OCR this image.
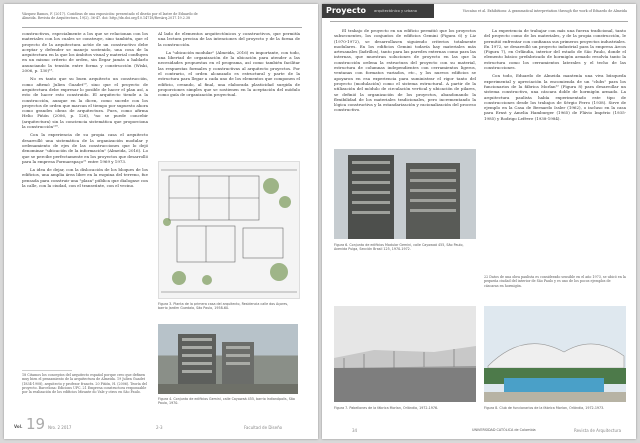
Vázquez Ramos, F. (2017). Cosidiras de una exposición: presentado el diseño por el lastre de Eduardo de Almeida. Revista de Arquitectura, 19(2), 36-47. doi: http://dx.doi.org/10.14718/RevArq.2017.19.2.38

constructivos, especialmente a los que se relacionan con los materiales con los cuales se construye, sino también, que el proyecto de la arquitectura actúe de un constructivo debe aceptar y defender se manejo sostenido, una cosa de la arquitectura en la que los ámbitos visual y material confluyen en un mismo criterio de orden, sin llegar jamás a hablarlo anunciando la tensión entre forma y construcción (Wiski, 2006, p. 130)¹⁸.

No es tanto que su buen arquitecto un construcción, como afirmó Julien Guadet¹⁹, sino que el proyecto de arquitectura debe expresar lo posible de hacer el plan así, a esto de hacer esto construido. El arquitecto tiende a la construcción, aunque en la dicen, como sucede con los proyectos de orden que marcan el tiempo por supuesto ahora como grandes obras de arquitectura. Pues, como afirma Helio Piñón (2006, p. 126), "no se puede concebir (arquitectura) sin la conciencia sistemática que proporciona la construcción"²⁰.

Con la experiencia de su propia casa el arquitecto desarrolló una sistemática de la organización modular y ordenamiento de ejes de las construcciones que lo dejó denominar "ubicación de la información" (Almeida, 2016). Lo que se percibe perfectamente en los proyectos que desarrolló para la empresa Formaespaço²¹ entre 1969 y 1973.

La idea de dejar, con la dislocación de los bloques de los edificios, una amplia área libre en la esquina del terreno, fue pensada para construir una "plaza" pública que dialogase con la calle, con la ciudad, con el transeúnte, con el vecino.

18 Citamos los conceptos del arquitecto español porque creo que definen muy bien el pensamiento de la arquitectura de Almeida. 19 Julien Guadet (1834-1908), arquitecto y profesor francés. 20 Piñón, H. (2006). Teoría del proyecto. Barcelona: Edicions UPC. 21 Empresa constructora responsable por la realización de los edificios Mirante do Vale y otros en São Paulo.

Al lado de elementos arquitectónicos y constructivos, que permitía una lectura precisa de las intenciones del proyecto y de la forma de la construcción.

La "ubicación modular" (Almeida, 2016) es importante, con todo, una libertad de organización de la ubicación para atender a las necesidades propuestas en el programa, así como también facilitar las respuestas formales y constructivas al arquitecto proyectos. Por el contrario, el orden alcanzado es estructural y parte de la estructura para llegar a cada uno de los elementos que componen el edificio, creando, al final, una elaborada plasticidad surgida de proporciones simples que se sostienen en la aceptación del módulo como guía de organización proyectual.

Figura 3. Planta de la primera casa del arquitecto, Residencia calle dos Açores, barrio Jardim Guedala, São Paulo, 1958-60.
Figura 4. Conjunto de edificios Gemini, calle Cayowaá 455, barrio Indianópolis, São Paulo, 1970.
Vol. 19 Nro. 2 2017	2-3	Facultad de Diseño
Proyecto arquitectónico y urbano	Vizcaíno et al. Exhibitions: A grammatical interpretation through the work of Eduardo de Almeida

El trabajo de proyecto en un edificio permitió que los proyectos subsecuentes, los conjuntos de edificios Gemini (Figura 6) y Liz (1970-1972), se desarrollasen siguiendo criterios totalmente modulares. En los edificios Gemini todavía hay materiales más artesanales (ladrillos), tanto para las paredes externas como para las internas, que muestran soluciones de proyecto en las que la construcción ordena la estructura del proyecto con su material, estructura de columnas independientes con cerramientos ligeros, ventanas con formatos variados, etc., y los nuevos edificios se apoyaron en esa experiencia para suministrar el rigor tanto del proyecto (modulación) como el sistema estructural. A partir de la utilización del módulo de circulación vertical y ubicación de pilares, se definió la organización de los proyectos, abandonando la flexibilidad de los materiales tradicionales, pero incrementando la lógica constructiva y la estandarización y racionalización del proceso constructivo.

Figura 6. Conjunto de edificios Modular Gemini, calle Cayowaá 455, São Paulo, Avenida Pulga, Sección Brasil 125, 1970-1972.

La experiencia de trabajar con más una fuerza tradicional, tanto del proyecto como de los materiales, y de la propia construcción, le permitió enfrentar con confianza sus primeros proyectos industriales. En 1972, se desarrolló un proyecto industrial para la empresa Arcos (Figura 7), en Orlândia, interior del estado de São Paulo, donde el elemento básico prefabricado de hormigón armado resolvía tanto la estructura como los cerramientos laterales y el techo de las construcciones.

Con todo, Eduardo de Almeida mantenía una viva búsqueda experimental y apreciación la encomienda de un "clubs" para los funcionarios de la fábrica Morlan²² (Figura 8) para desarrollar un sistema constructivo, una cáscara doble de hormigón armado. La arquitectura paulista había experimentado este tipo de construcciones desde los trabajos de Sérgio Ferro (1938). Sirve de ejemplo en la Casa de Bernardo Issler (1962), o incluso en la casa para Ernst y Amelia Hamburger (1965) de Flávio Império (1935-1985) y Rodrigo Lefèvre (1938-1984).

22 Datos de una obra paulista es considerado sensible en el año 1973, se ubicó en la pequeña ciudad del interior de São Paulo y es uno de los pocos ejemplos de cáscaras en hormigón.
Figura 7. Pabellones de la fábrica Morlan, Orlândia, 1972-1976.	Figura 8. Club de funcionarios de la fábrica Morlan, Orlândia, 1972-1973.
34	UNIVERSIDAD CATÓLICA de Colombia	Revista de Arquitectura
